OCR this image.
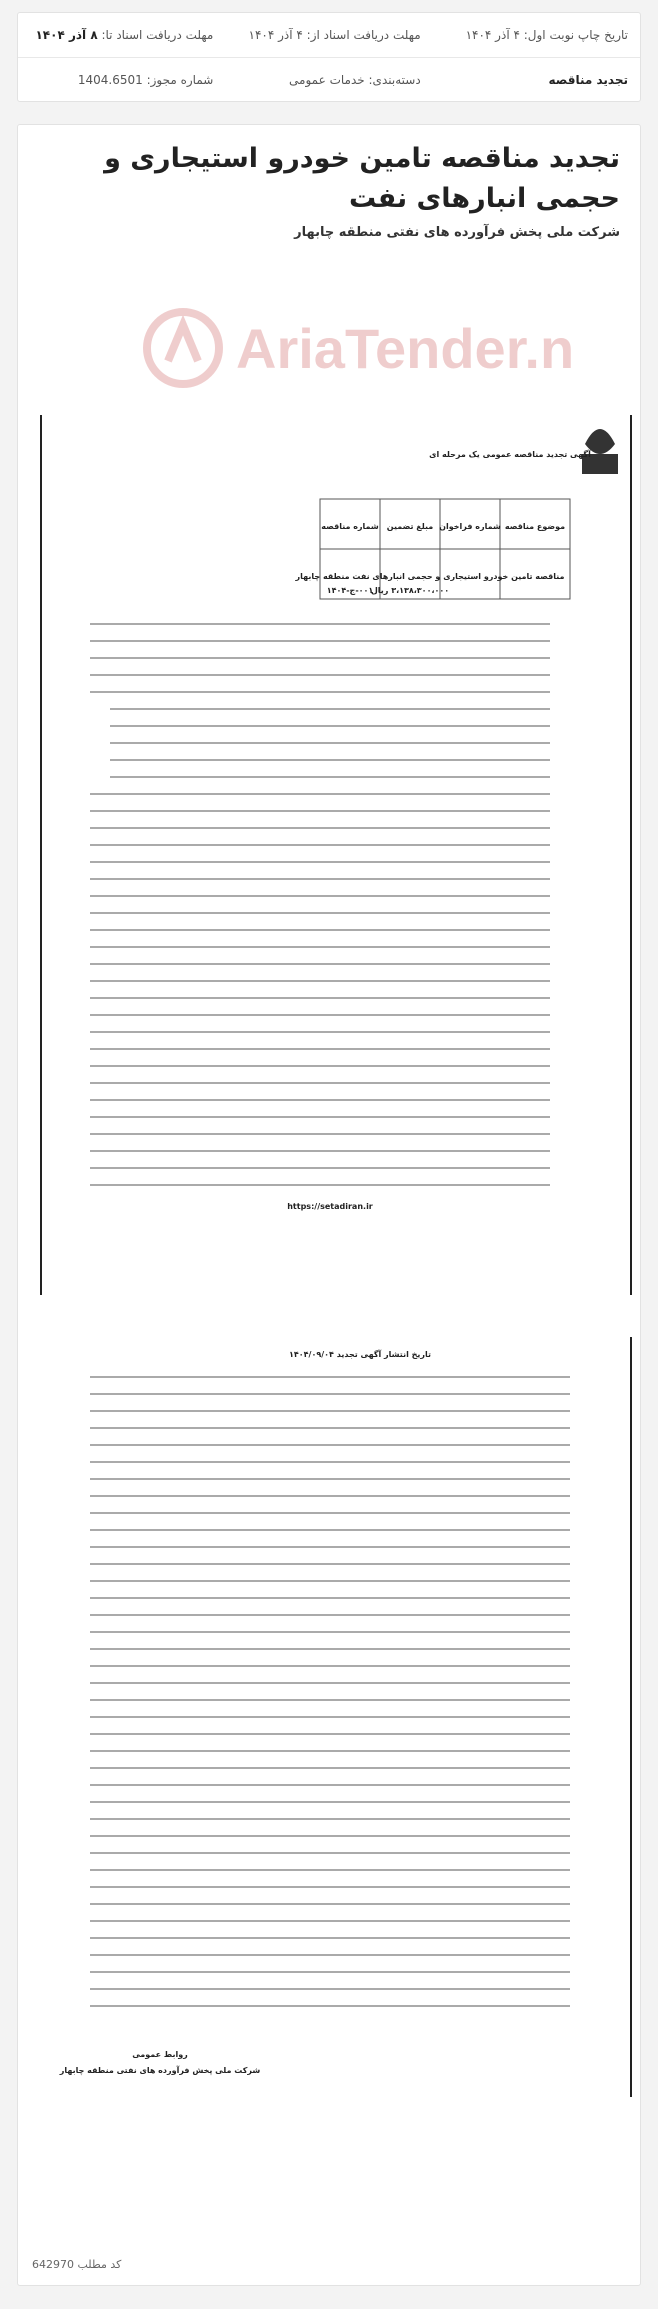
تاریخ چاپ نوبت اول: ۴ آذر ۱۴۰۴
مهلت دریافت اسناد از: ۴ آذر ۱۴۰۴
مهلت دریافت اسناد تا: ۸ آذر ۱۴۰۴
تجدید مناقصه
دسته‌بندی: خدمات عمومی
شماره مجوز: 1404.6501
تجدید مناقصه تامین خودرو استیجاری و حجمی انبارهای نفت
شرکت ملی پخش فرآورده های نفتی منطقه چابهار
آگهی تجدید مناقصه عمومی یک مرحله ای
موضوع مناقصه
شماره فراخوان
مبلغ تضمین
شماره مناقصه
مناقصه تامین خودرو استیجاری و حجمی انبارهای نفت منطقه چابهار
۳،۱۳۸،۳۰۰،۰۰۰ ریال
۰۰۱-ج-۱۴۰۴
https://setadiran.ir
AriaTender.n
تاریخ انتشار آگهی تجدید ۱۴۰۴/۰۹/۰۴
روابط عمومی
شرکت ملی پخش فرآورده های نفتی منطقه چابهار
کد مطلب 642970
